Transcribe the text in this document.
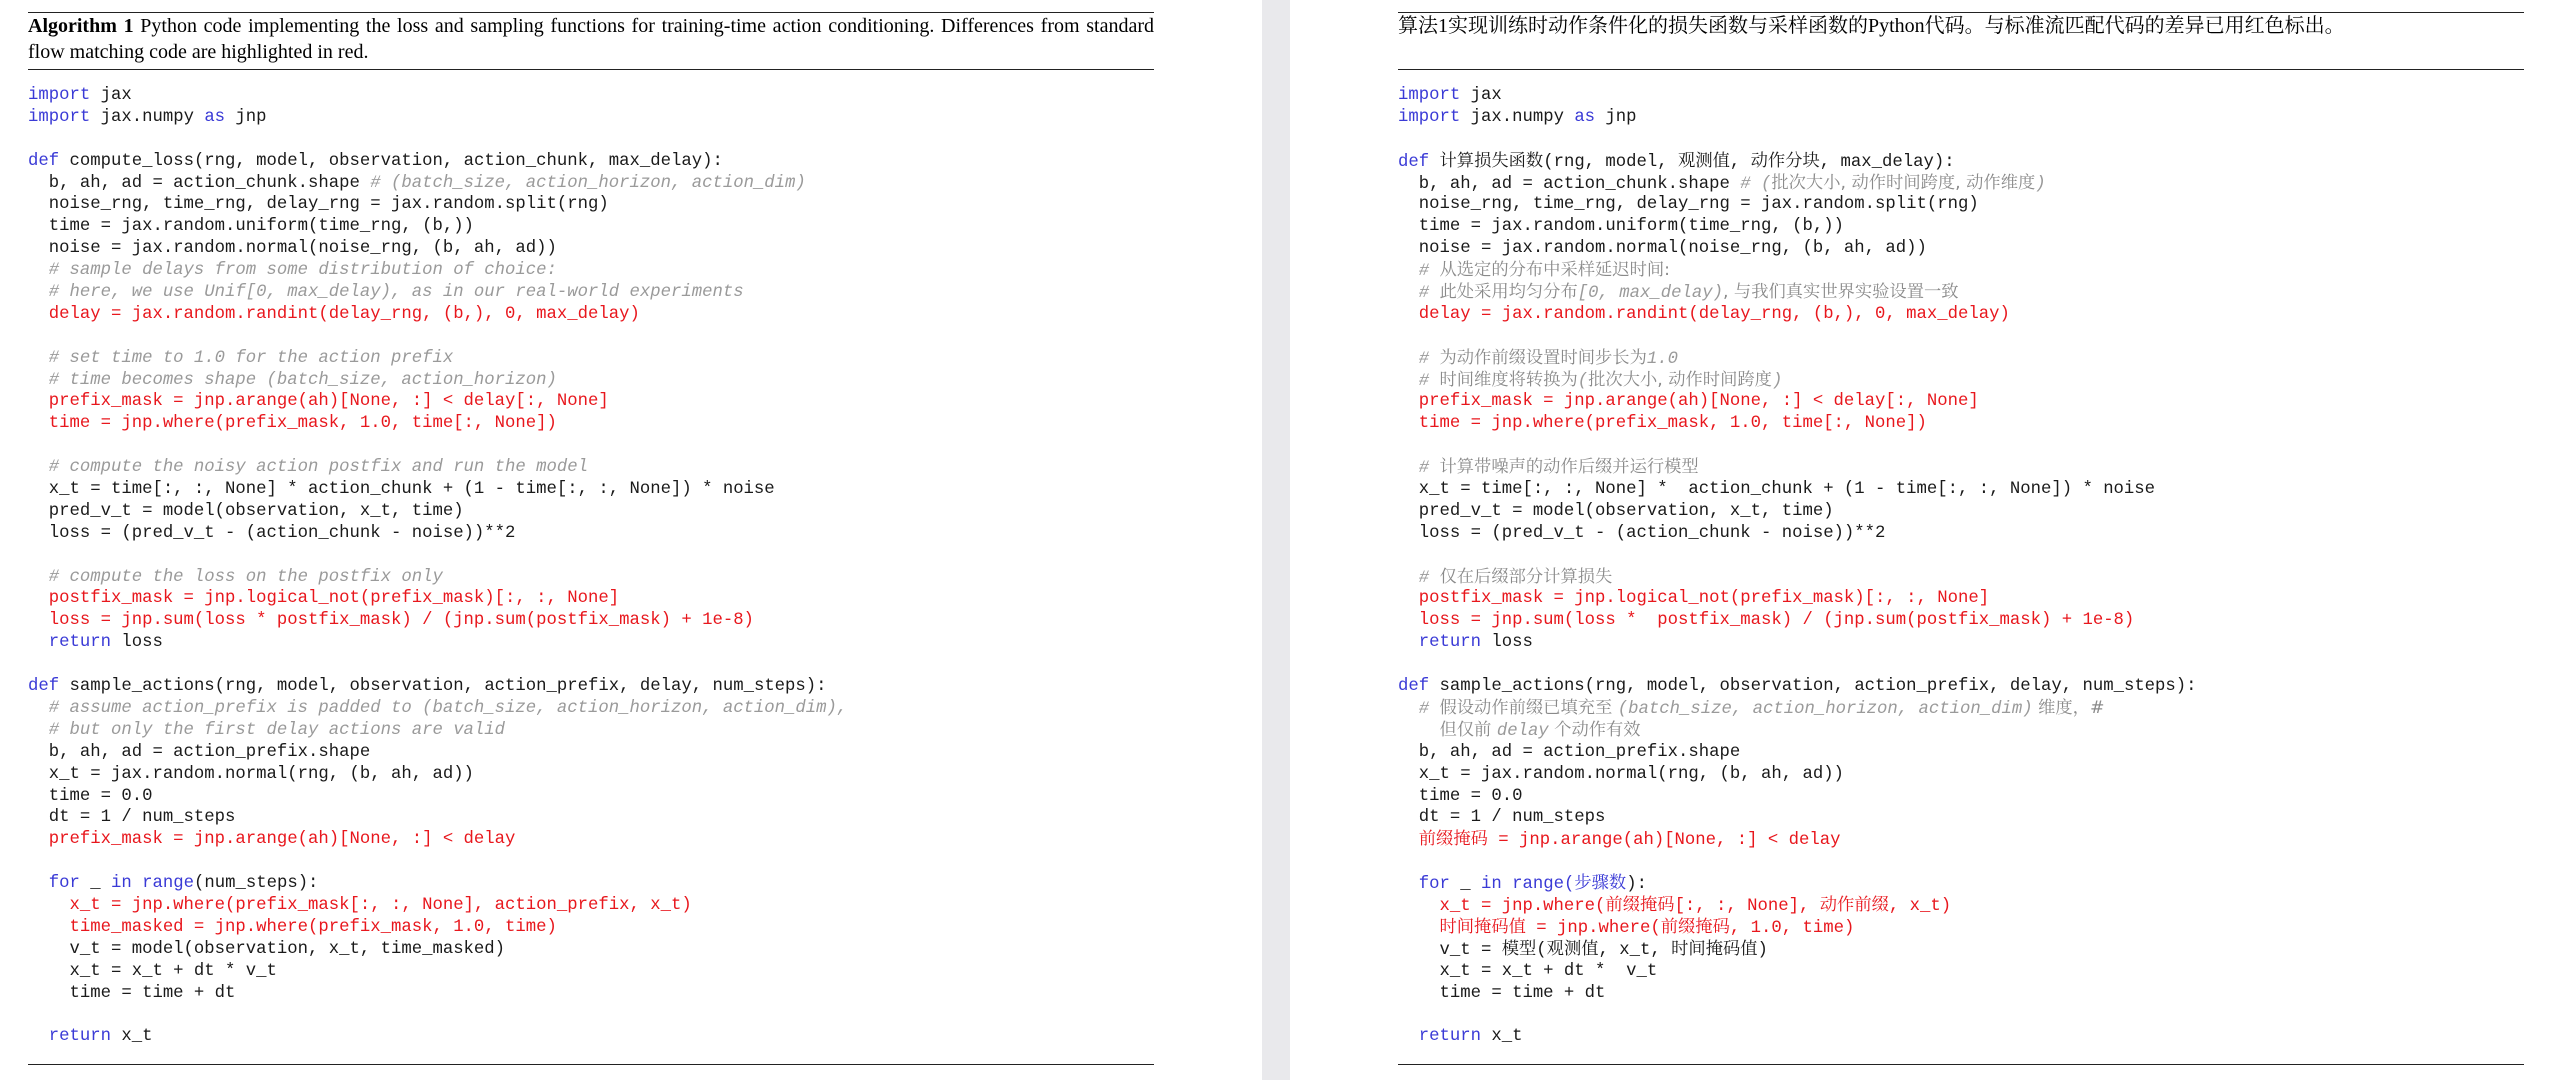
Algorithm 1 Python code implementing the loss and sampling functions for training-time action conditioning. Differences from standard flow matching code are highlighted in red.
import jax
import jax.numpy as jnp

def compute_loss(rng, model, observation, action_chunk, max_delay):
b, ah, ad = action_chunk.shape # (batch_size, action_horizon, action_dim)
noise_rng, time_rng, delay_rng = jax.random.split(rng)
time = jax.random.uniform(time_rng, (b,))
noise = jax.random.normal(noise_rng, (b, ah, ad))
# sample delays from some distribution of choice:
# here, we use Unif[0, max_delay), as in our real-world experiments
delay = jax.random.randint(delay_rng, (b,), 0, max_delay)

# set time to 1.0 for the action prefix
# time becomes shape (batch_size, action_horizon)
prefix_mask = jnp.arange(ah)[None, :] < delay[:, None]
time = jnp.where(prefix_mask, 1.0, time[:, None])

# compute the noisy action postfix and run the model
x_t = time[:, :, None] * action_chunk + (1 - time[:, :, None]) * noise
pred_v_t = model(observation, x_t, time)
loss = (pred_v_t - (action_chunk - noise))**2

# compute the loss on the postfix only
postfix_mask = jnp.logical_not(prefix_mask)[:, :, None]
loss = jnp.sum(loss * postfix_mask) / (jnp.sum(postfix_mask) + 1e-8)
return loss

def sample_actions(rng, model, observation, action_prefix, delay, num_steps):
# assume action_prefix is padded to (batch_size, action_horizon, action_dim),
# but only the first delay actions are valid
b, ah, ad = action_prefix.shape
x_t = jax.random.normal(rng, (b, ah, ad))
time = 0.0
dt = 1 / num_steps
prefix_mask = jnp.arange(ah)[None, :] < delay

for _ in range(num_steps):
x_t = jnp.where(prefix_mask[:, :, None], action_prefix, x_t)
time_masked = jnp.where(prefix_mask, 1.0, time)
v_t = model(observation, x_t, time_masked)
x_t = x_t + dt * v_t
time = time + dt

return x_t
算法1实现训练时动作条件化的损失函数与采样函数的Python代码。与标准流匹配代码的差异已用红色标出。
import jax
import jax.numpy as jnp

def 计算损失函数(rng, model, 观测值, 动作分块, max_delay):
b, ah, ad = action_chunk.shape # (批次大小, 动作时间跨度, 动作维度)
noise_rng, time_rng, delay_rng = jax.random.split(rng)
time = jax.random.uniform(time_rng, (b,))
noise = jax.random.normal(noise_rng, (b, ah, ad))
# 从选定的分布中采样延迟时间:
# 此处采用均匀分布[0, max_delay), 与我们真实世界实验设置一致
delay = jax.random.randint(delay_rng, (b,), 0, max_delay)

# 为动作前缀设置时间步长为1.0
# 时间维度将转换为(批次大小, 动作时间跨度)
prefix_mask = jnp.arange(ah)[None, :] < delay[:, None]
time = jnp.where(prefix_mask, 1.0, time[:, None])

# 计算带噪声的动作后缀并运行模型
x_t = time[:, :, None] *  action_chunk + (1 - time[:, :, None]) * noise
pred_v_t = model(observation, x_t, time)
loss = (pred_v_t - (action_chunk - noise))**2

# 仅在后缀部分计算损失
postfix_mask = jnp.logical_not(prefix_mask)[:, :, None]
loss = jnp.sum(loss *  postfix_mask) / (jnp.sum(postfix_mask) + 1e-8)
return loss

def sample_actions(rng, model, observation, action_prefix, delay, num_steps):
# 假设动作前缀已填充至 (batch_size, action_horizon, action_dim) 维度，#
但仅前 delay 个动作有效
b, ah, ad = action_prefix.shape
x_t = jax.random.normal(rng, (b, ah, ad))
time = 0.0
dt = 1 / num_steps
前缀掩码 = jnp.arange(ah)[None, :] < delay

for _ in range(步骤数):
x_t = jnp.where(前缀掩码[:, :, None], 动作前缀, x_t)
时间掩码值 = jnp.where(前缀掩码, 1.0, time)
v_t = 模型(观测值, x_t, 时间掩码值)
x_t = x_t + dt *  v_t
time = time + dt

return x_t
